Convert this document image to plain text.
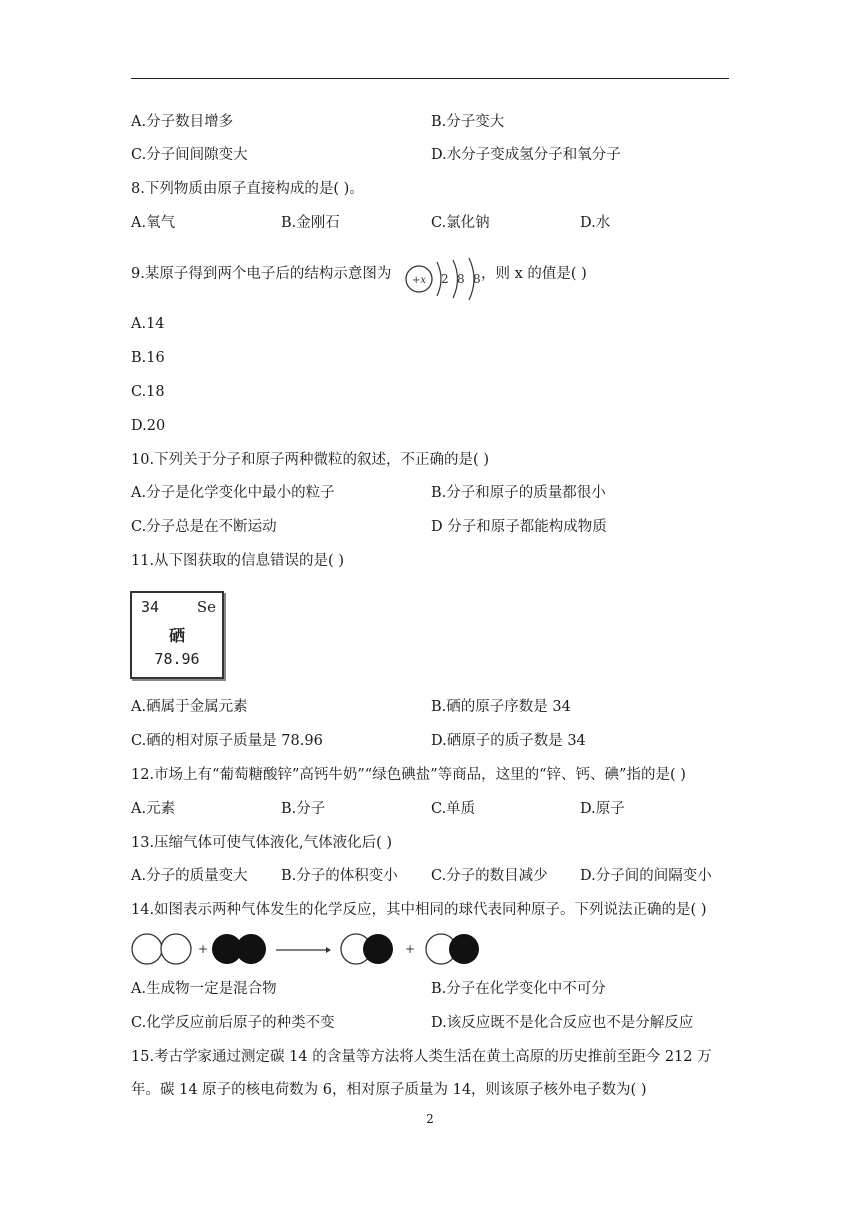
A.分子数目增多	B.分子变大
C.分子间间隙变大	D.水分子变成氢分子和氧分子
8.下列物质由原子直接构成的是( )。
A.氧气	B.金刚石	C.氯化钠	D.水
9.某原子得到两个电子后的结构示意图为 +x 2 8 8 ，则 x 的值是( )
A.14
B.16
C.18
D.20
10.下列关于分子和原子两种微粒的叙述，不正确的是( )
A.分子是化学变化中最小的粒子	B.分子和原子的质量都很小
C.分子总是在不断运动	D 分子和原子都能构成物质
11.从下图获取的信息错误的是( )
34	Se
硒
78.96
A.硒属于金属元素	B.硒的原子序数是 34
C.硒的相对原子质量是 78.96	D.硒原子的质子数是 34
12.市场上有“葡萄糖酸锌”高钙牛奶”“绿色碘盐”等商品，这里的“锌、钙、碘”指的是( )
A.元素	B.分子	C.单质	D.原子
13.压缩气体可使气体液化,气体液化后( )
A.分子的质量变大 B.分子的体积变小 C.分子的数目减少 D.分子间的间隔变小
14.如图表示两种气体发生的化学反应，其中相同的球代表同种原子。下列说法正确的是( )
+	+
A.生成物一定是混合物	B.分子在化学变化中不可分
C.化学反应前后原子的种类不变	D.该反应既不是化合反应也不是分解反应
15.考古学家通过测定碳 14 的含量等方法将人类生活在黄土高原的历史推前至距今 212 万
年。碳 14 原子的核电荷数为 6，相对原子质量为 14，则该原子核外电子数为( )
2
